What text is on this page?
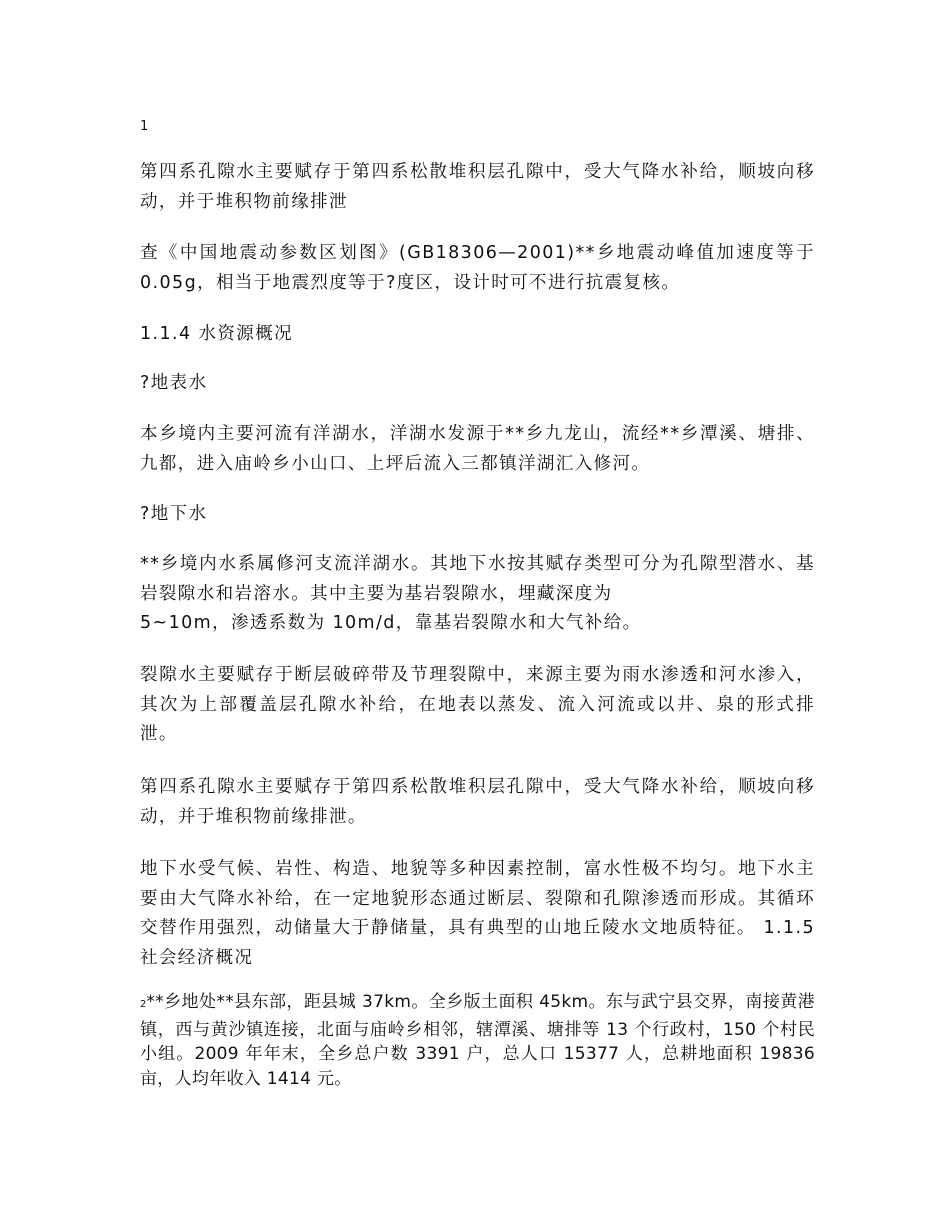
1

第四系孔隙水主要赋存于第四系松散堆积层孔隙中，受大气降水补给，顺坡向移动，并于堆积物前缘排泄

查《中国地震动参数区划图》(GB18306—2001)**乡地震动峰值加速度等于 0.05g，相当于地震烈度等于?度区，设计时可不进行抗震复核。

1.1.4 水资源概况

?地表水

本乡境内主要河流有洋湖水，洋湖水发源于**乡九龙山，流经**乡潭溪、塘排、九都，进入庙岭乡小山口、上坪后流入三都镇洋湖汇入修河。

?地下水

**乡境内水系属修河支流洋湖水。其地下水按其赋存类型可分为孔隙型潜水、基岩裂隙水和岩溶水。其中主要为基岩裂隙水，埋藏深度为

5~10m，渗透系数为 10m/d，靠基岩裂隙水和大气补给。

裂隙水主要赋存于断层破碎带及节理裂隙中，来源主要为雨水渗透和河水渗入，其次为上部覆盖层孔隙水补给，在地表以蒸发、流入河流或以井、泉的形式排泄。

第四系孔隙水主要赋存于第四系松散堆积层孔隙中，受大气降水补给，顺坡向移动，并于堆积物前缘排泄。

地下水受气候、岩性、构造、地貌等多种因素控制，富水性极不均匀。地下水主要由大气降水补给，在一定地貌形态通过断层、裂隙和孔隙渗透而形成。其循环交替作用强烈，动储量大于静储量，具有典型的山地丘陵水文地质特征。 1.1.5 社会经济概况

2**乡地处**县东部，距县城 37km。全乡版土面积 45km。东与武宁县交界，南接黄港镇，西与黄沙镇连接，北面与庙岭乡相邻，辖潭溪、塘排等 13 个行政村，150 个村民小组。2009 年年末，全乡总户数 3391 户，总人口 15377 人，总耕地面积 19836 亩，人均年收入 1414 元。
